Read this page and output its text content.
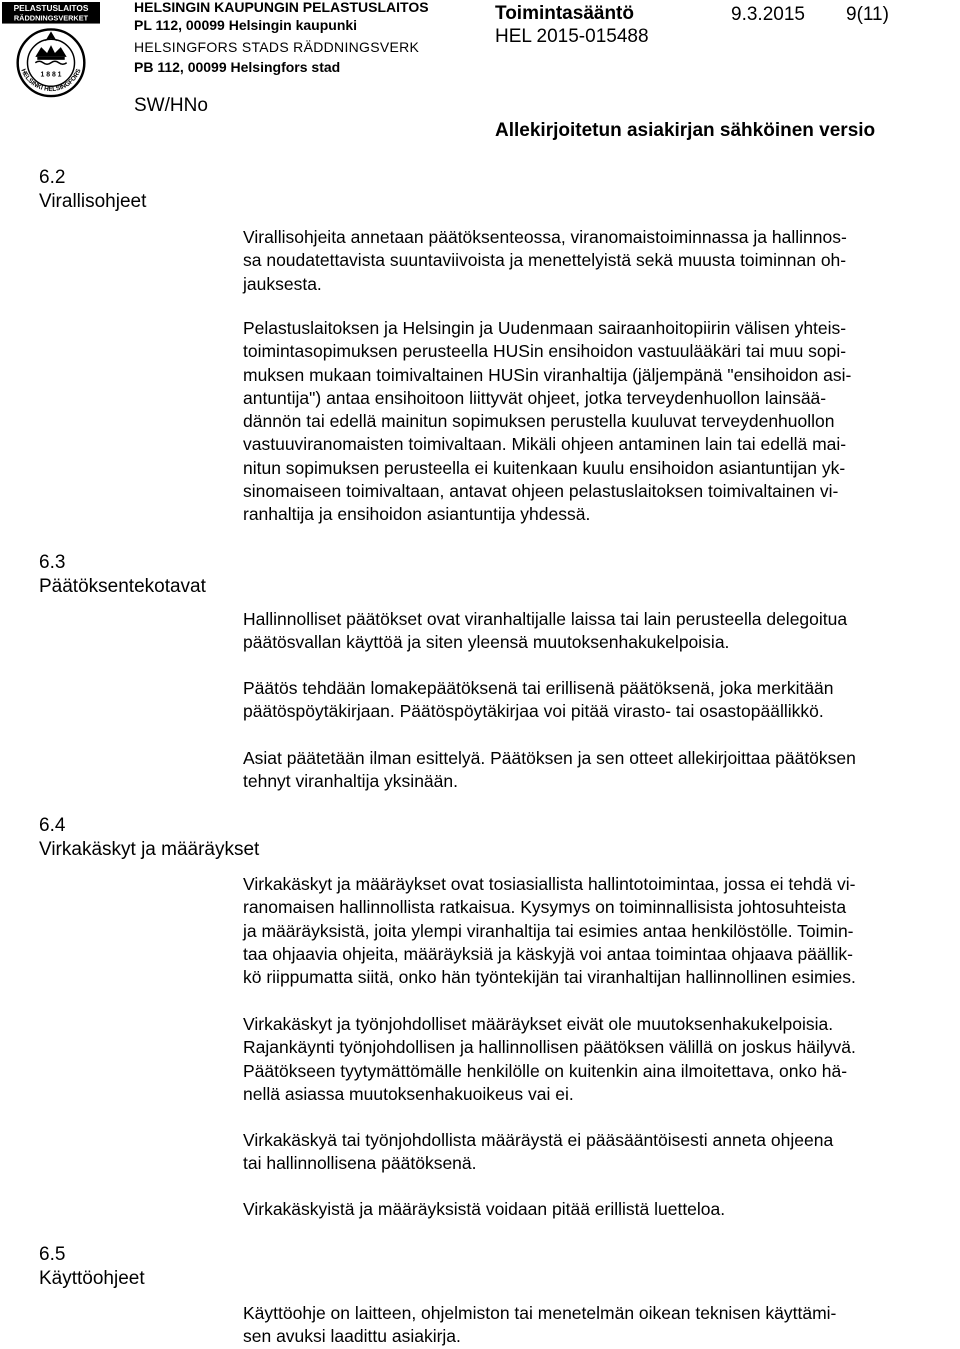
PELASTUSLAITOS
RÄDDNINGSVERKET
1 8 8 1
HELSINKI HELSINGFORS
HELSINGIN KAUPUNGIN PELASTUSLAITOS
PL 112, 00099 Helsingin kaupunki
HELSINGFORS STADS RÄDDNINGSVERK
PB 112, 00099 Helsingfors stad
Toimintasääntö	9.3.2015 9(11)
HEL 2015-015488
SW/HNo
Allekirjoitetun asiakirjan sähköinen versio
6.2
Virallisohjeet
Virallisohjeita annetaan päätöksenteossa, viranomaistoiminnassa ja hallinnos-
sa noudatettavista suuntaviivoista ja menettelyistä sekä muusta toiminnan oh-
jauksesta.
Pelastuslaitoksen ja Helsingin ja Uudenmaan sairaanhoitopiirin välisen yhteis-
toimintasopimuksen perusteella HUSin ensihoidon vastuulääkäri tai muu sopi-
muksen mukaan toimivaltainen HUSin viranhaltija (jäljempänä "ensihoidon asi-
antuntija") antaa ensihoitoon liittyvät ohjeet, jotka terveydenhuollon lainsää-
dännön tai edellä mainitun sopimuksen perustella kuuluvat terveydenhuollon
vastuuviranomaisten toimivaltaan. Mikäli ohjeen antaminen lain tai edellä mai-
nitun sopimuksen perusteella ei kuitenkaan kuulu ensihoidon asiantuntijan yk-
sinomaiseen toimivaltaan, antavat ohjeen pelastuslaitoksen toimivaltainen vi-
ranhaltija ja ensihoidon asiantuntija yhdessä.
6.3
Päätöksentekotavat
Hallinnolliset päätökset ovat viranhaltijalle laissa tai lain perusteella delegoitua
päätösvallan käyttöä ja siten yleensä muutoksenhakukelpoisia.
Päätös tehdään lomakepäätöksenä tai erillisenä päätöksenä, joka merkitään
päätöspöytäkirjaan. Päätöspöytäkirjaa voi pitää virasto- tai osastopäällikkö.
Asiat päätetään ilman esittelyä. Päätöksen ja sen otteet allekirjoittaa päätöksen
tehnyt viranhaltija yksinään.
6.4
Virkakäskyt ja määräykset
Virkakäskyt ja määräykset ovat tosiasiallista hallintotoimintaa, jossa ei tehdä vi-
ranomaisen hallinnollista ratkaisua. Kysymys on toiminnallisista johtosuhteista
ja määräyksistä, joita ylempi viranhaltija tai esimies antaa henkilöstölle. Toimin-
taa ohjaavia ohjeita, määräyksiä ja käskyjä voi antaa toimintaa ohjaava päällik-
kö riippumatta siitä, onko hän työntekijän tai viranhaltijan hallinnollinen esimies.
Virkakäskyt ja työnjohdolliset määräykset eivät ole muutoksenhakukelpoisia.
Rajankäynti työnjohdollisen ja hallinnollisen päätöksen välillä on joskus häilyvä.
Päätökseen tyytymättömälle henkilölle on kuitenkin aina ilmoitettava, onko hä-
nellä asiassa muutoksenhakuoikeus vai ei.
Virkakäskyä tai työnjohdollista määräystä ei pääsääntöisesti anneta ohjeena
tai hallinnollisena päätöksenä.
Virkakäskyistä ja määräyksistä voidaan pitää erillistä luetteloa.
6.5
Käyttöohjeet
Käyttöohje on laitteen, ohjelmiston tai menetelmän oikean teknisen käyttämi-
sen avuksi laadittu asiakirja.
